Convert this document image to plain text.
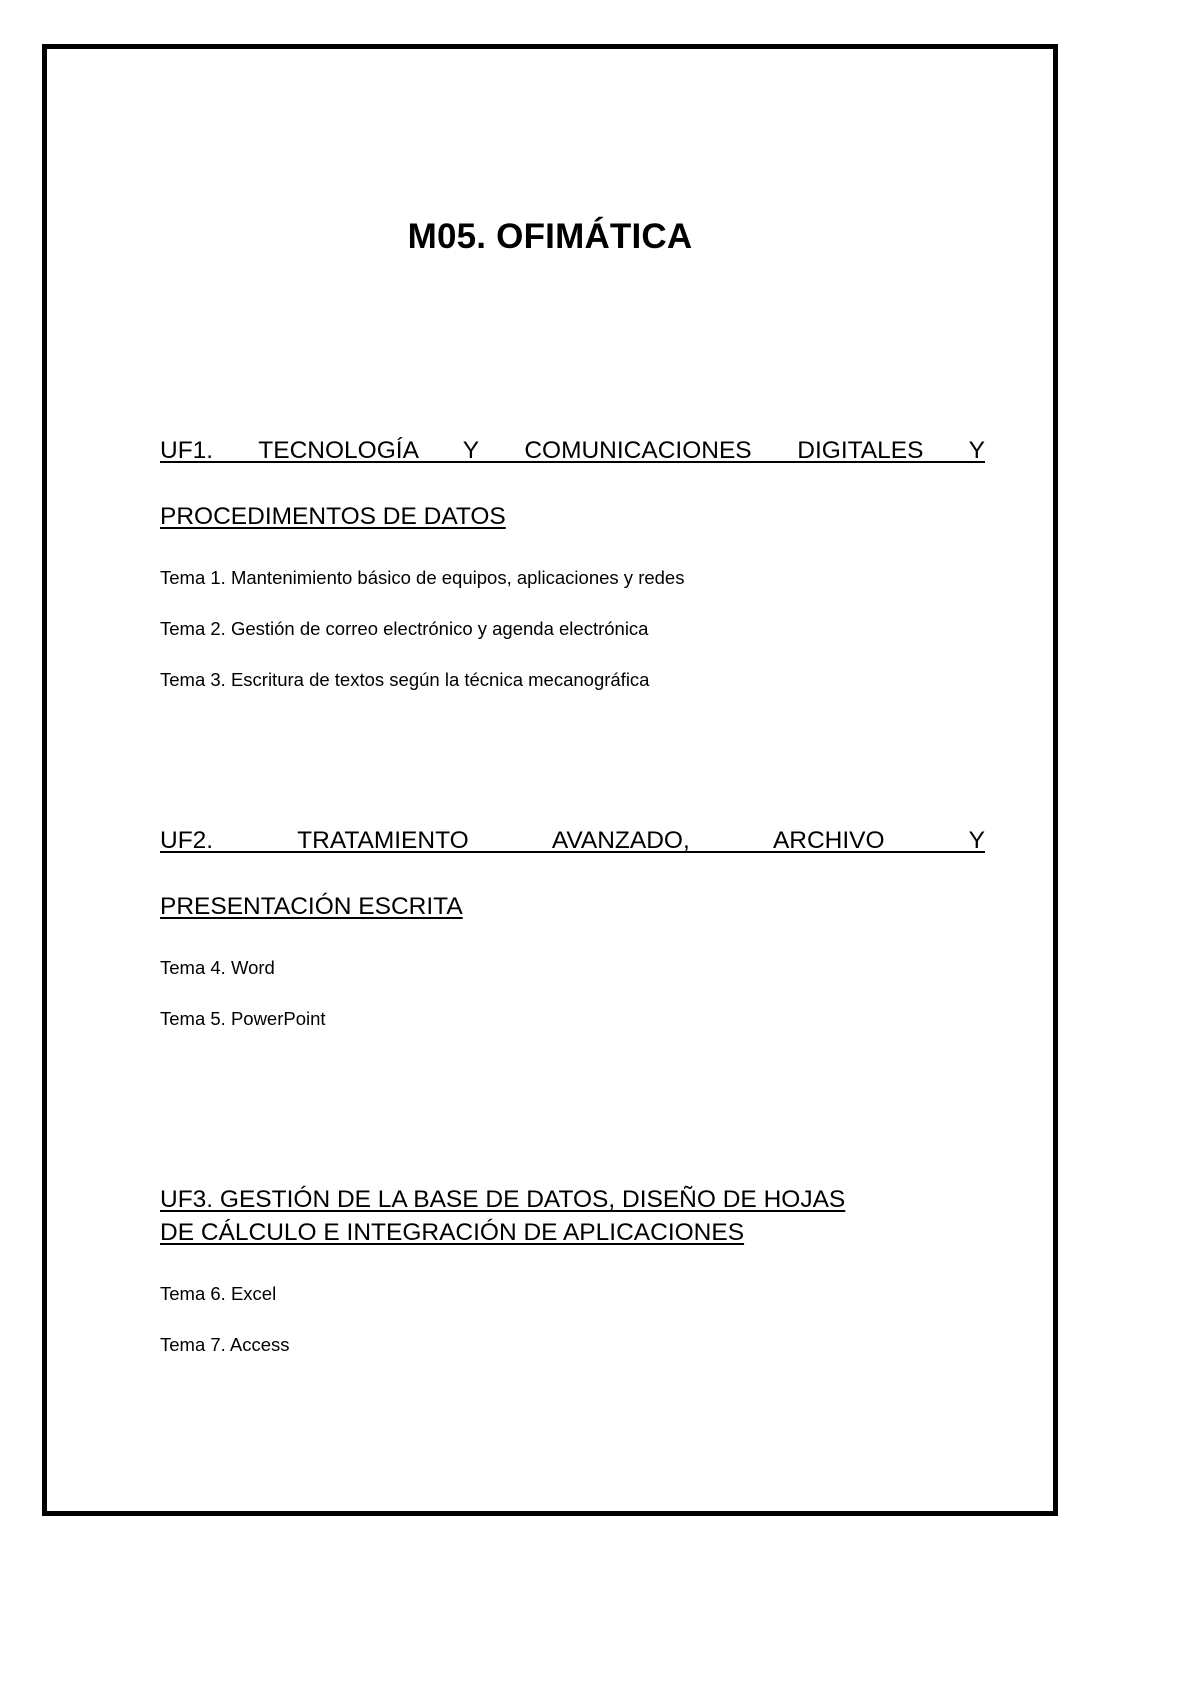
M05. OFIMÁTICA
UF1. TECNOLOGÍA Y COMUNICACIONES DIGITALES Y
PROCEDIMENTOS DE DATOS

Tema 1. Mantenimiento básico de equipos, aplicaciones y redes

Tema 2. Gestión de correo electrónico y agenda electrónica

Tema 3. Escritura de textos según la técnica mecanográfica

UF2. TRATAMIENTO AVANZADO, ARCHIVO Y
PRESENTACIÓN ESCRITA

Tema 4. Word

Tema 5. PowerPoint

UF3. GESTIÓN DE LA BASE DE DATOS, DISEÑO DE HOJAS
DE CÁLCULO E INTEGRACIÓN DE APLICACIONES

Tema 6. Excel

Tema 7. Access
